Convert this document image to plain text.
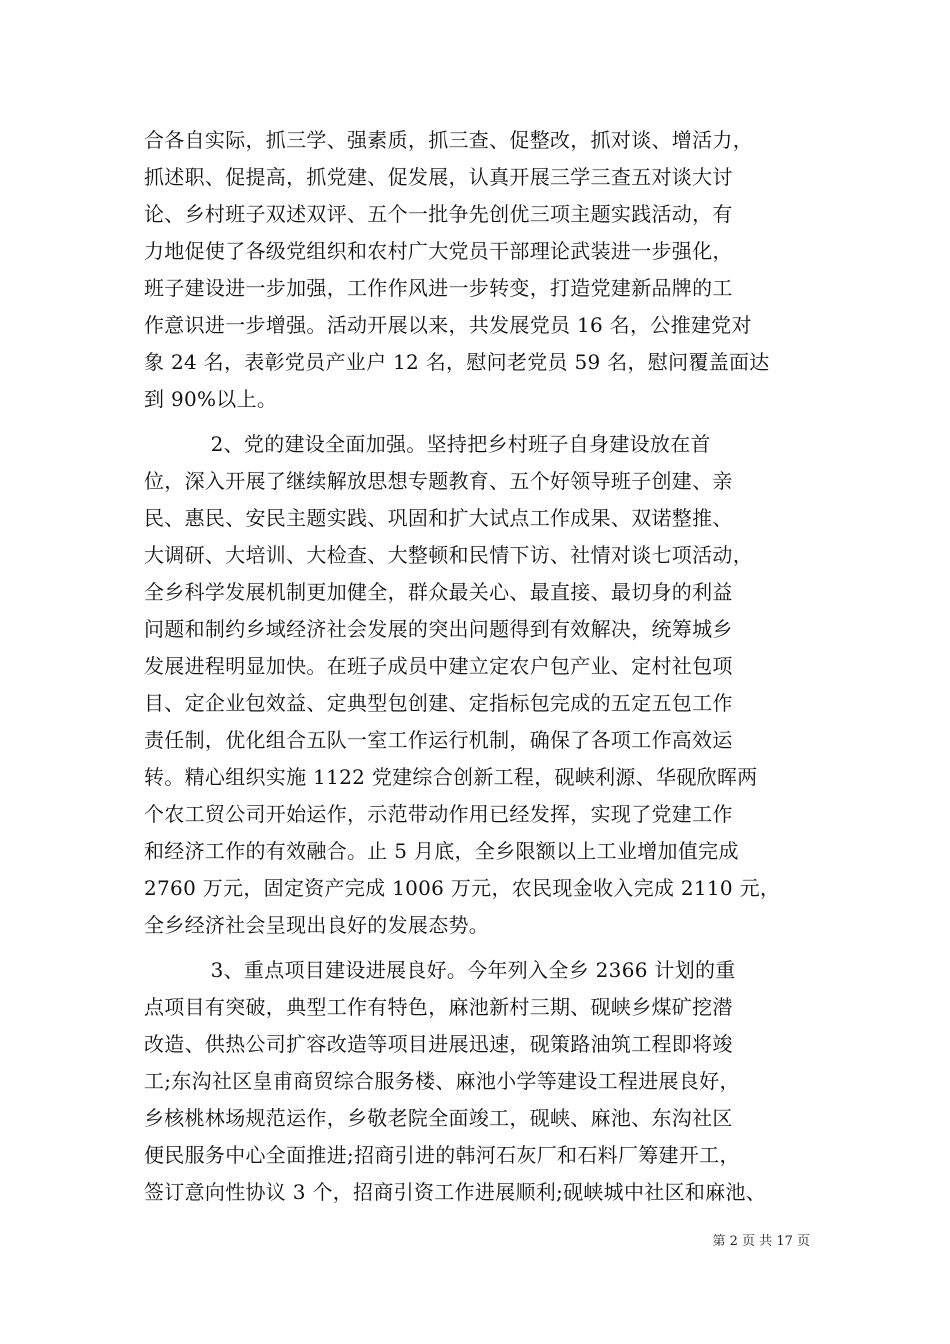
合各自实际，抓三学、强素质，抓三查、促整改，抓对谈、增活力，
抓述职、促提高，抓党建、促发展，认真开展三学三查五对谈大讨
论、乡村班子双述双评、五个一批争先创优三项主题实践活动，有
力地促使了各级党组织和农村广大党员干部理论武装进一步强化，
班子建设进一步加强，工作作风进一步转变，打造党建新品牌的工
作意识进一步增强。活动开展以来，共发展党员 16 名，公推建党对
象 24 名，表彰党员产业户 12 名，慰问老党员 59 名，慰问覆盖面达
到 90%以上。
2、党的建设全面加强。坚持把乡村班子自身建设放在首
位，深入开展了继续解放思想专题教育、五个好领导班子创建、亲
民、惠民、安民主题实践、巩固和扩大试点工作成果、双诺整推、
大调研、大培训、大检查、大整顿和民情下访、社情对谈七项活动，
全乡科学发展机制更加健全，群众最关心、最直接、最切身的利益
问题和制约乡域经济社会发展的突出问题得到有效解决，统筹城乡
发展进程明显加快。在班子成员中建立定农户包产业、定村社包项
目、定企业包效益、定典型包创建、定指标包完成的五定五包工作
责任制，优化组合五队一室工作运行机制，确保了各项工作高效运
转。精心组织实施 1122 党建综合创新工程，砚峡利源、华砚欣晖两
个农工贸公司开始运作，示范带动作用已经发挥，实现了党建工作
和经济工作的有效融合。止 5 月底，全乡限额以上工业增加值完成
2760 万元，固定资产完成 1006 万元，农民现金收入完成 2110 元，
全乡经济社会呈现出良好的发展态势。
3、重点项目建设进展良好。今年列入全乡 2366 计划的重
点项目有突破，典型工作有特色，麻池新村三期、砚峡乡煤矿挖潜
改造、供热公司扩容改造等项目进展迅速，砚策路油筑工程即将竣
工;东沟社区皇甫商贸综合服务楼、麻池小学等建设工程进展良好，
乡核桃林场规范运作，乡敬老院全面竣工，砚峡、麻池、东沟社区
便民服务中心全面推进;招商引进的韩河石灰厂和石料厂筹建开工，
签订意向性协议 3 个，招商引资工作进展顺利;砚峡城中社区和麻池、
第 2 页 共 17 页
